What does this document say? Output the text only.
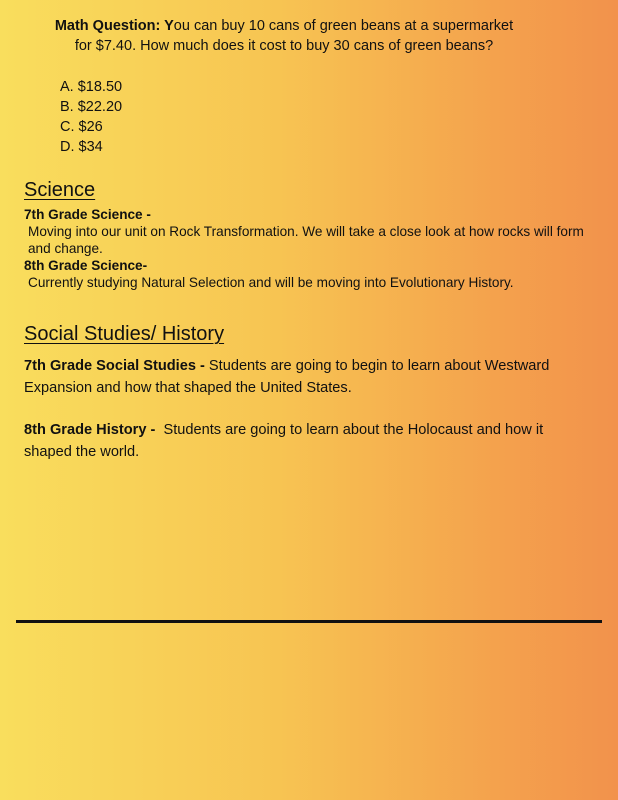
Math Question: You can buy 10 cans of green beans at a supermarket for $7.40. How much does it cost to buy 30 cans of green beans?
A. $18.50
B. $22.20
C. $26
D. $34
Science
7th Grade Science -
Moving into our unit on Rock Transformation. We will take a close look at how rocks will form and change.
8th Grade Science-
Currently studying Natural Selection and will be moving into Evolutionary History.
Social Studies/ History
7th Grade Social Studies - Students are going to begin to learn about Westward Expansion and how that shaped the United States.
8th Grade History - Students are going to learn about the Holocaust and how it shaped the world.
